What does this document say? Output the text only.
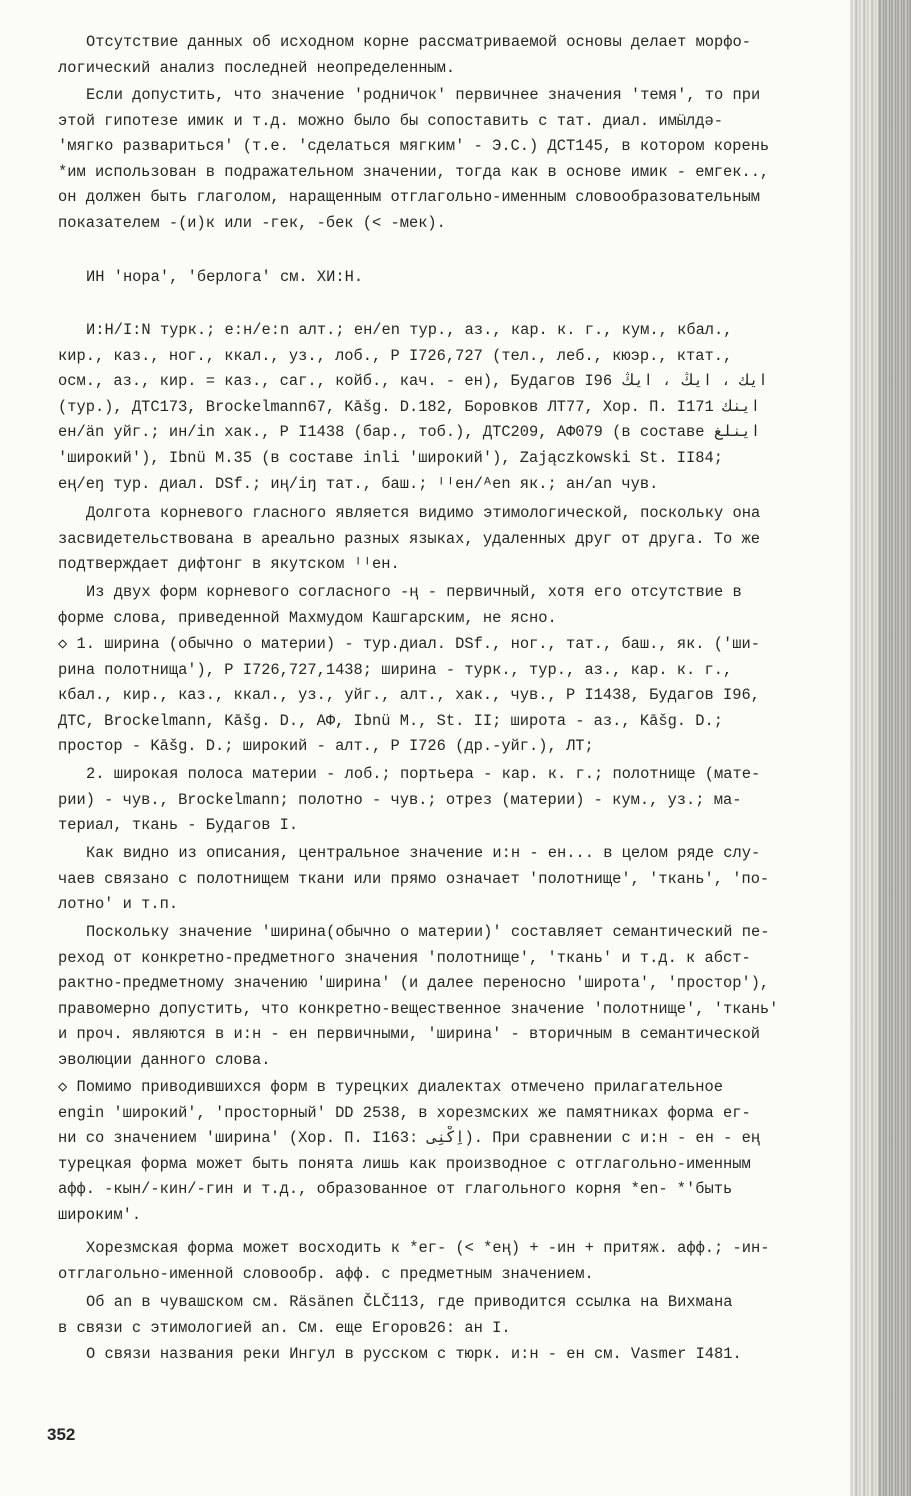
Отсутствие данных об исходном корне рассматриваемой основы делает морфо-
логический анализ последней неопределенным.
Если допустить, что значение 'родничок' первичнее значения 'темя', то при
этой гипотезе имик и т.д. можно было бы сопоставить с тат. диал. имӹлдә-
'мягко развариться' (т.е. 'сделаться мягким' - Э.С.) ДСТ145, в котором корень
*им использован в подражательном значении, тогда как в основе имик - емгек..,
он должен быть глаголом, наращенным отглагольно-именным словообразовательным
показателем -(и)к или -гек, -бек (< -мек).
ИН 'нора', 'берлога' см. ХИ:Н.
И:Н/I:N турк.; е:н/е:n алт.; ен/en тур., аз., кар. к. г., кум., кбал.,
кир., каз., ног., ккал., уз., лоб., Р I726,727 (тел., леб., кюэр., ктат.,
осм., аз., кир. = каз., саг., койб., кач. - ен), Будагов I96 ایك ، ایڭ ، ایڭ
(тур.), ДТС173, Brockelmann67, Kāšg. D.182, Боровков ЛТ77, Хор. П. I171 اينك
ен/än уйг.; ин/in хак., Р I1438 (бар., тоб.), ДТС209, АФ079 (в составе اينلغ
'широкий'), Ibnü M.35 (в составе inli 'широкий'), Zajączkowski St. II84;
eң/eŋ тур. диал. DSf.; иң/iŋ тат., баш.; ᴵᴵен/ᴬen як.; ан/an чув.
Долгота корневого гласного является видимо этимологической, поскольку она
засвидетельствована в ареально разных языках, удаленных друг от друга. То же
подтверждает дифтонг в якутском ᴵᴵен.
Из двух форм корневого согласного -ң - первичный, хотя его отсутствие в
форме слова, приведенной Махмудом Кашгарским, не ясно.
◇ 1. ширина (обычно о материи) - тур.диал. DSf., ног., тат., баш., як. ('ши-
рина полотнища'), Р I726,727,1438; ширина - турк., тур., аз., кар. к. г.,
кбал., кир., каз., ккал., уз., уйг., алт., хак., чув., Р I1438, Будагов I96,
ДТС, Brockelmann, Kāšg. D., АФ, Ibnü M., St. II; широта - аз., Kāšg. D.;
простор - Kāšg. D.; широкий - алт., Р I726 (др.-уйг.), ЛТ;
2. широкая полоса материи - лоб.; портьера - кар. к. г.; полотнище (мате-
рии) - чув., Brockelmann; полотно - чув.; отрез (материи) - кум., уз.; ма-
териал, ткань - Будагов I.
Как видно из описания, центральное значение и:н - ен... в целом ряде слу-
чаев связано с полотнищем ткани или прямо означает 'полотнище', 'ткань', 'по-
лотно' и т.п.
Поскольку значение 'ширина(обычно о материи)' составляет семантический пе-
реход от конкретно-предметного значения 'полотнище', 'ткань' и т.д. к абст-
рактно-предметному значению 'ширина' (и далее переносно 'широта', 'простор'),
правомерно допустить, что конкретно-вещественное значение 'полотнище', 'ткань'
и проч. являются в и:н - ен первичными, 'ширина' - вторичным в семантической
эволюции данного слова.
◇ Помимо приводившихся форм в турецких диалектах отмечено прилагательное
engin 'широкий', 'просторный' DD 2538, в хорезмских же памятниках форма ег-
ни со значением 'ширина' (Хор. П. I163: اِكْنِى). При сравнении с и:н - ен - ең
турецкая форма может быть понята лишь как производное с отглагольно-именным
афф. -кын/-кин/-гин и т.д., образованное от глагольного корня *en- *'быть
широким'.
Хорезмская форма может восходить к *ег- (< *ең) + -ин + притяж. афф.; -ин-
отглагольно-именной словообр. афф. с предметным значением.
Об an в чувашском см. Räsänen ČLČ113, где приводится ссылка на Вихмана
в связи с этимологией an. См. еще Егоров26: ан I.
О связи названия реки Ингул в русском с тюрк. и:н - ен см. Vasmer I481.
352
